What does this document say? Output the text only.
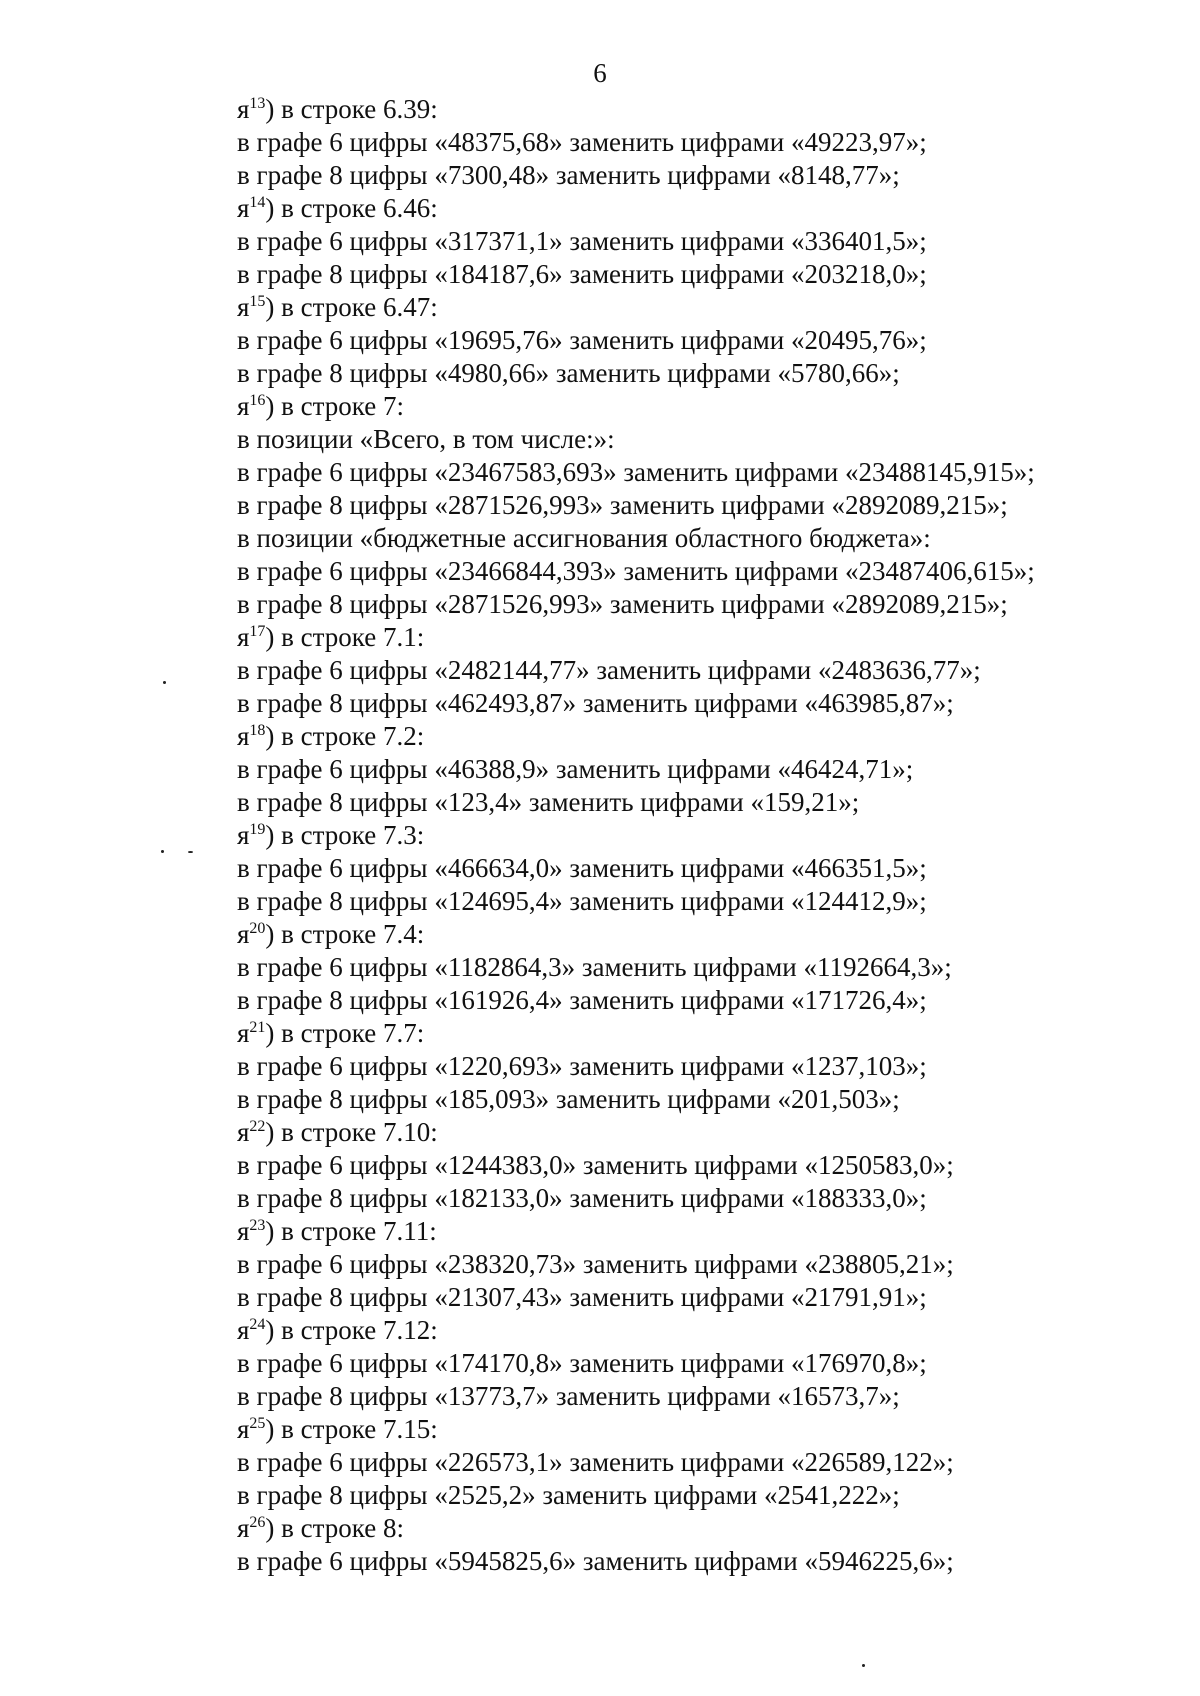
6
$я^{13}$) в строке 6.39:
в графе 6 цифры «48375,68» заменить цифрами «49223,97»;
в графе 8 цифры «7300,48» заменить цифрами «8148,77»;
$я^{14}$) в строке 6.46:
в графе 6 цифры «317371,1» заменить цифрами «336401,5»;
в графе 8 цифры «184187,6» заменить цифрами «203218,0»;
$я^{15}$) в строке 6.47:
в графе 6 цифры «19695,76» заменить цифрами «20495,76»;
в графе 8 цифры «4980,66» заменить цифрами «5780,66»;
$я^{16}$) в строке 7:
в позиции «Всего, в том числе:»:
в графе 6 цифры «23467583,693» заменить цифрами «23488145,915»;
в графе 8 цифры «2871526,993» заменить цифрами «2892089,215»;
в позиции «бюджетные ассигнования областного бюджета»:
в графе 6 цифры «23466844,393» заменить цифрами «23487406,615»;
в графе 8 цифры «2871526,993» заменить цифрами «2892089,215»;
$я^{17}$) в строке 7.1:
в графе 6 цифры «2482144,77» заменить цифрами «2483636,77»;
в графе 8 цифры «462493,87» заменить цифрами «463985,87»;
$я^{18}$) в строке 7.2:
в графе 6 цифры «46388,9» заменить цифрами «46424,71»;
в графе 8 цифры «123,4» заменить цифрами «159,21»;
$я^{19}$) в строке 7.3:
в графе 6 цифры «466634,0» заменить цифрами «466351,5»;
в графе 8 цифры «124695,4» заменить цифрами «124412,9»;
$я^{20}$) в строке 7.4:
в графе 6 цифры «1182864,3» заменить цифрами «1192664,3»;
в графе 8 цифры «161926,4» заменить цифрами «171726,4»;
$я^{21}$) в строке 7.7:
в графе 6 цифры «1220,693» заменить цифрами «1237,103»;
в графе 8 цифры «185,093» заменить цифрами «201,503»;
$я^{22}$) в строке 7.10:
в графе 6 цифры «1244383,0» заменить цифрами «1250583,0»;
в графе 8 цифры «182133,0» заменить цифрами «188333,0»;
$я^{23}$) в строке 7.11:
в графе 6 цифры «238320,73» заменить цифрами «238805,21»;
в графе 8 цифры «21307,43» заменить цифрами «21791,91»;
$я^{24}$) в строке 7.12:
в графе 6 цифры «174170,8» заменить цифрами «176970,8»;
в графе 8 цифры «13773,7» заменить цифрами «16573,7»;
$я^{25}$) в строке 7.15:
в графе 6 цифры «226573,1» заменить цифрами «226589,122»;
в графе 8 цифры «2525,2» заменить цифрами «2541,222»;
$я^{26}$) в строке 8:
в графе 6 цифры «5945825,6» заменить цифрами «5946225,6»;
